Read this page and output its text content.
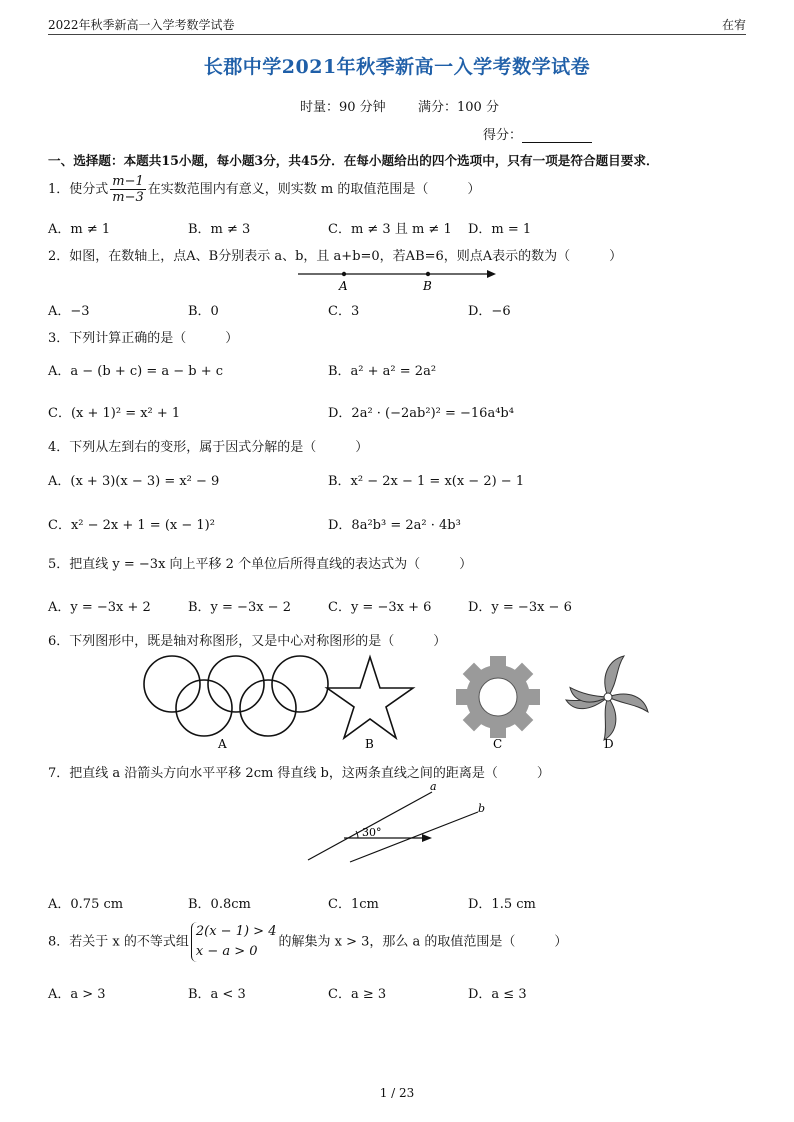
2022年秋季新高一入学考数学试卷	在宥
长郡中学2021年秋季新高一入学考数学试卷
时量：90 分钟 满分：100 分
得分：
一、选择题：本题共15小题，每小题3分，共45分．在每小题给出的四个选项中，只有一项是符合题目要求．
1．使分式 $\frac{m-1}{m-3}$ 在实数范围内有意义，则实数 m 的取值范围是（　　　）
A．m ≠ 1	B．m ≠ 3	C．m ≠ 3 且 m ≠ 1 D．m = 1
2．如图，在数轴上，点A、B分别表示 a、b，且 a+b=0，若AB=6，则点A表示的数为（　　　）
A	B
A．−3	B．0	C．3	D．−6
3．下列计算正确的是（　　　）
A．a − (b + c) = a − b + c	B．a² + a² = 2a²
C．(x + 1)² = x² + 1	D．2a² · (−2ab²)² = −16a⁴b⁴
4．下列从左到右的变形，属于因式分解的是（　　　）
A．(x + 3)(x − 3) = x² − 9	B．x² − 2x − 1 = x(x − 2) − 1
C．x² − 2x + 1 = (x − 1)²	D．8a²b³ = 2a² · 4b³
5．把直线 y = −3x 向上平移 2 个单位后所得直线的表达式为（　　　）
A．y = −3x + 2	B．y = −3x − 2	C．y = −3x + 6	D．y = −3x − 6
6．下列图形中，既是轴对称图形，又是中心对称图形的是（　　　）
A	B	C	D
7．把直线 a 沿箭头方向水平平移 2cm 得直线 b，这两条直线之间的距离是（　　　）
30°
a
b
A．0.75 cm	B．0.8cm	C．1cm	D．1.5 cm
8．若关于 x 的不等式组
2(x − 1) > 4
x − a > 0
的解集为 x > 3，那么 a 的取值范围是（　　　）
A．a > 3	B．a < 3	C．a ≥ 3	D．a ≤ 3
1 / 23
